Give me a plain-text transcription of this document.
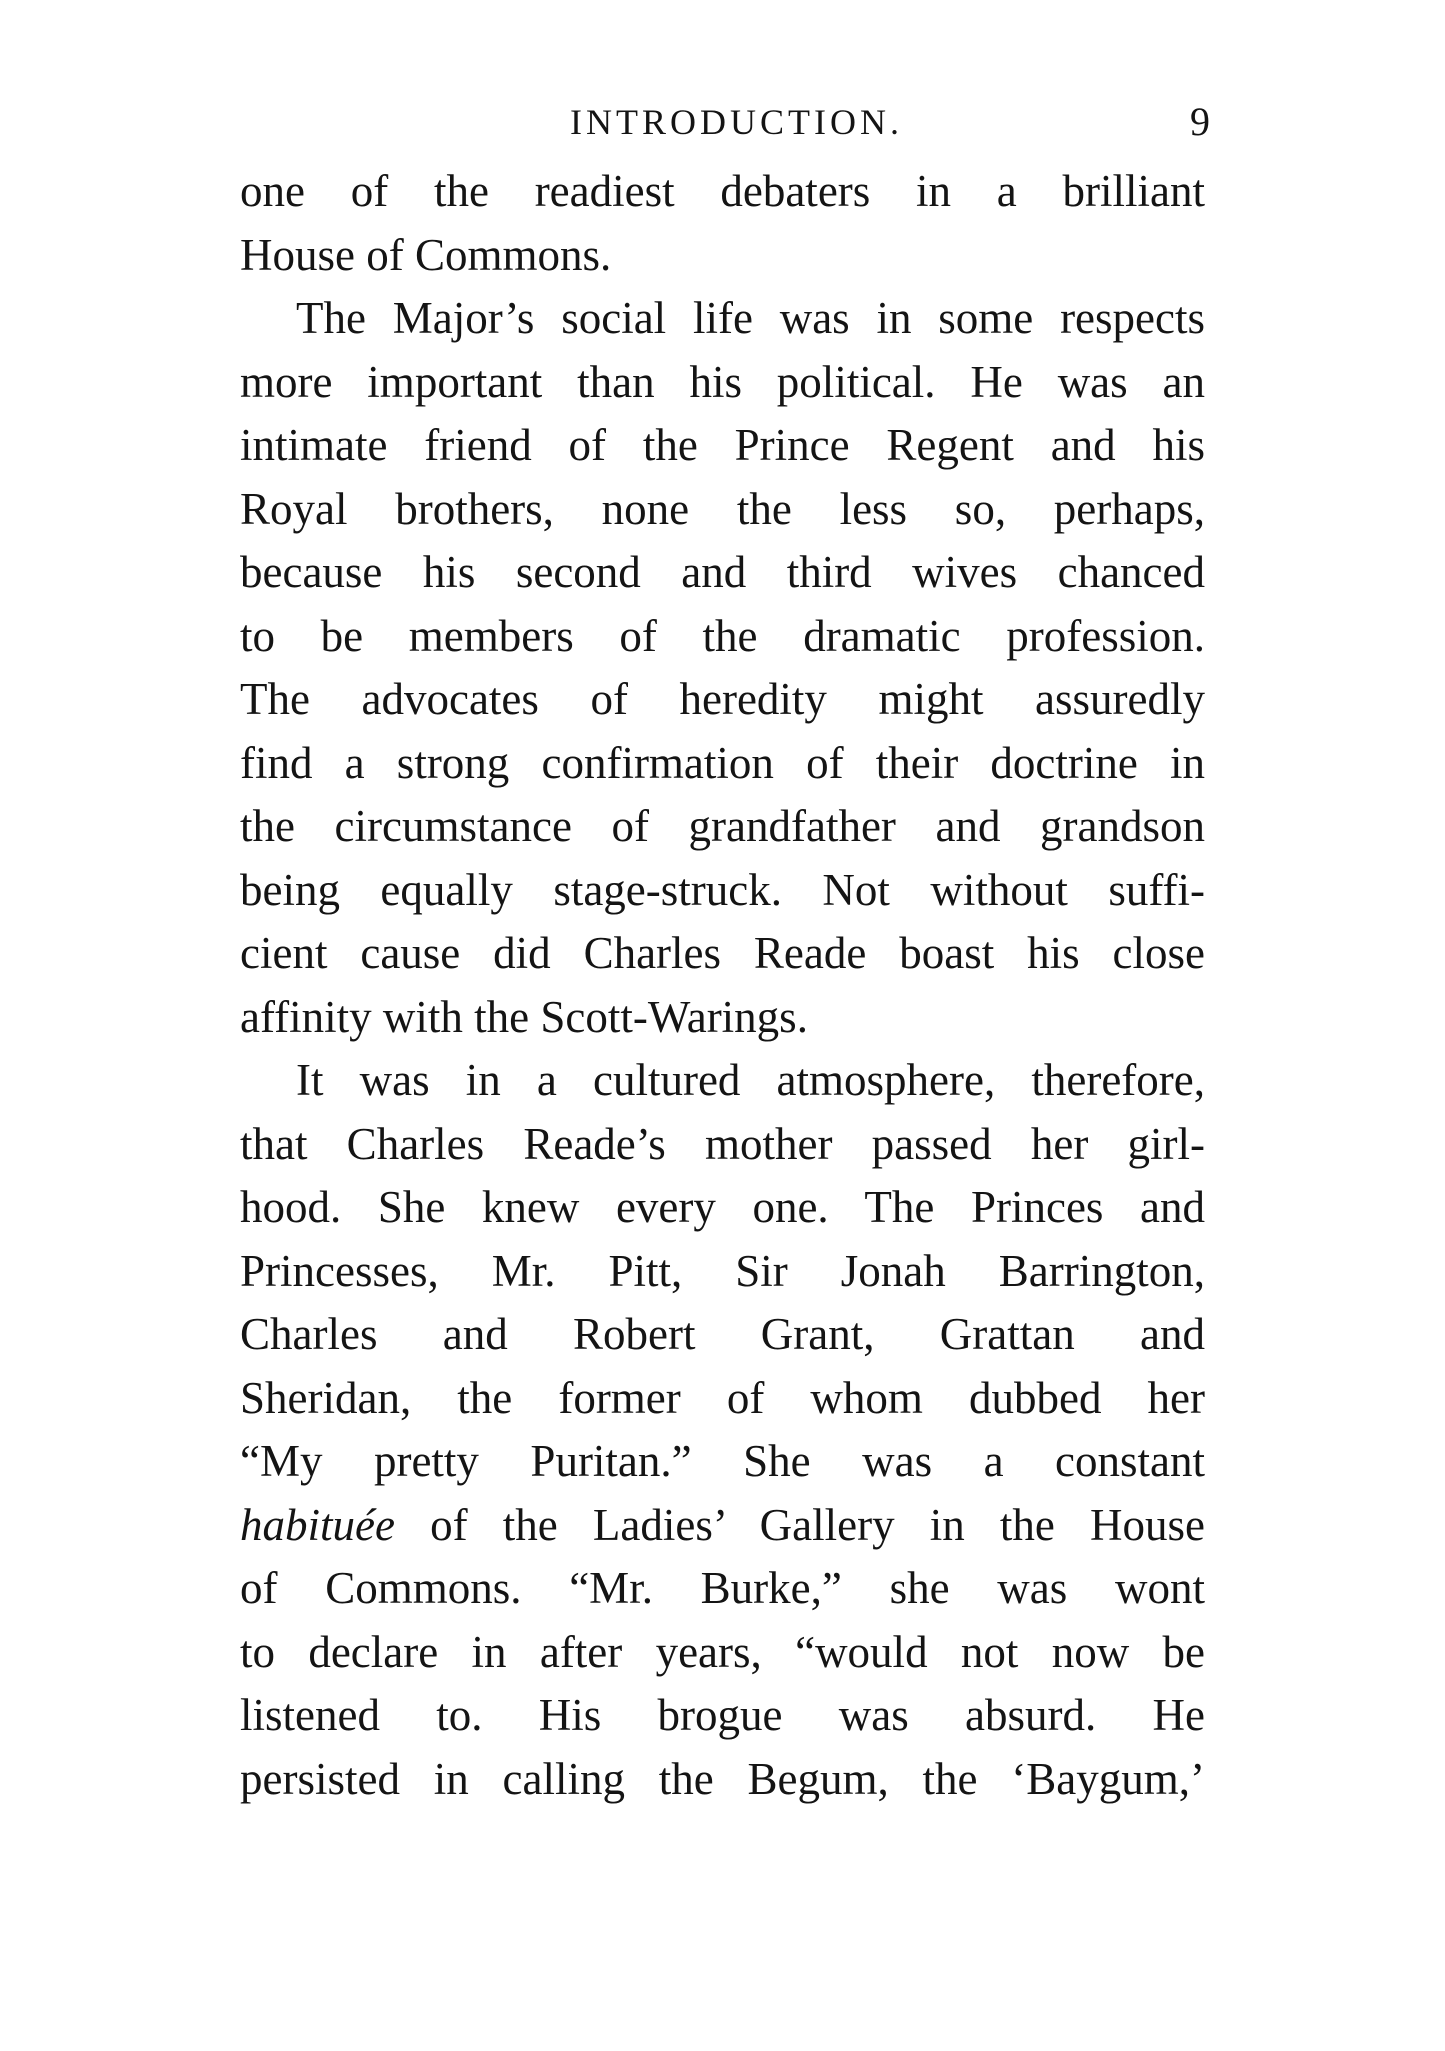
INTRODUCTION.	9
one of the readiest debaters in a brilliant
House of Commons.
The Major’s social life was in some respects
more important than his political. He was an
intimate friend of the Prince Regent and his
Royal brothers, none the less so, perhaps,
because his second and third wives chanced
to be members of the dramatic profession.
The advocates of heredity might assuredly
find a strong confirmation of their doctrine in
the circumstance of grandfather and grandson
being equally stage-struck. Not without suffi-
cient cause did Charles Reade boast his close
affinity with the Scott-Warings.
It was in a cultured atmosphere, therefore,
that Charles Reade’s mother passed her girl-
hood. She knew every one. The Princes and
Princesses, Mr. Pitt, Sir Jonah Barrington,
Charles and Robert Grant, Grattan and
Sheridan, the former of whom dubbed her
“My pretty Puritan.” She was a constant
habituée of the Ladies’ Gallery in the House
of Commons. “Mr. Burke,” she was wont
to declare in after years, “would not now be
listened to. His brogue was absurd. He
persisted in calling the Begum, the ‘Baygum,’
